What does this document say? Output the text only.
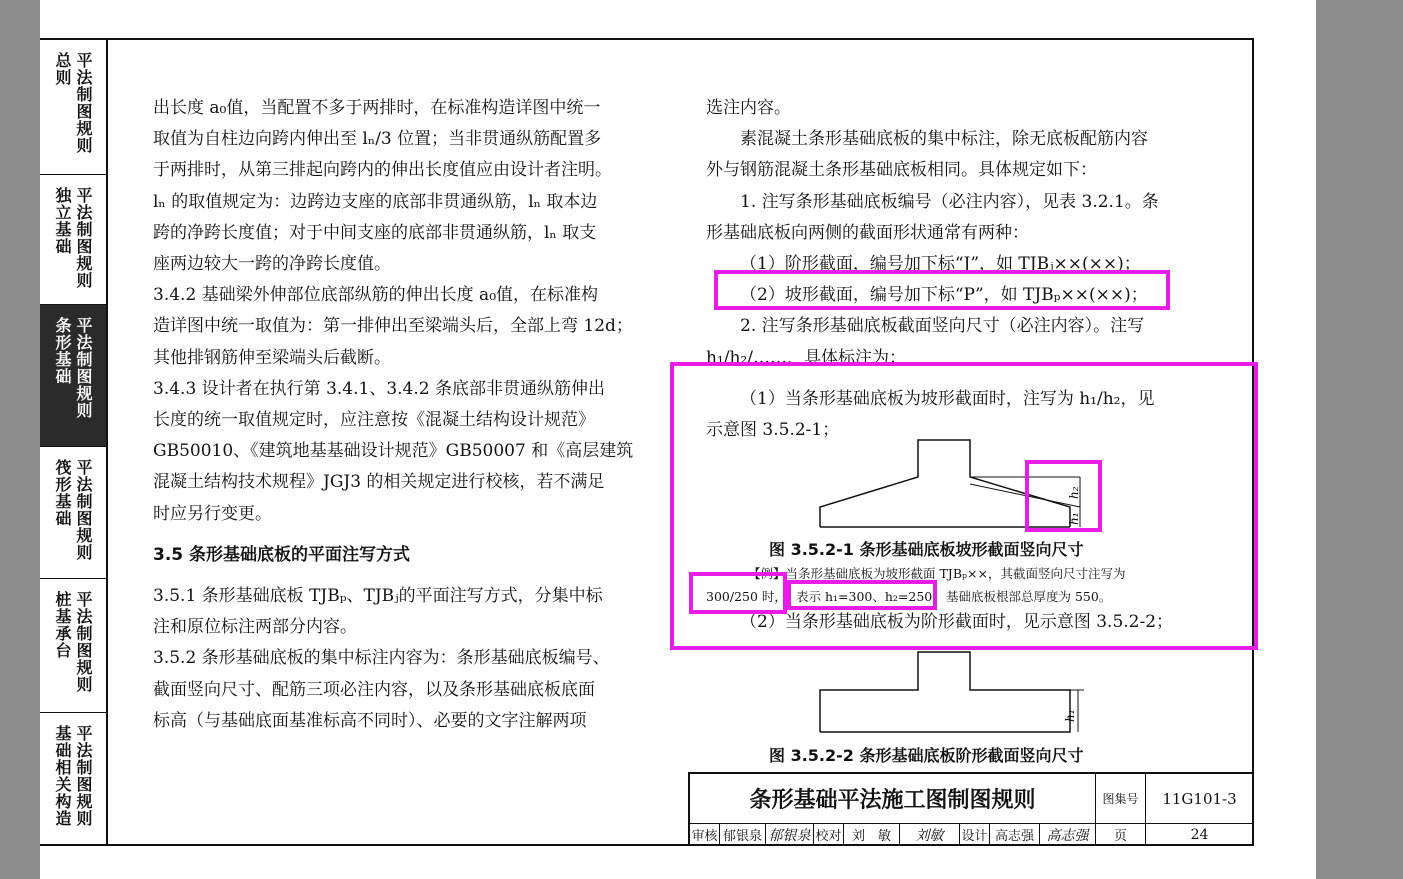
总则 平法制图规则
独立基础 平法制图规则
条形基础 平法制图规则
筏形基础 平法制图规则
桩基承台 平法制图规则
基础相关构造 平法制图规则

出长度 a₀值，当配置不多于两排时，在标准构造详图中统一

取值为自柱边向跨内伸出至 lₙ/3 位置；当非贯通纵筋配置多

于两排时，从第三排起向跨内的伸出长度值应由设计者注明。

lₙ 的取值规定为：边跨边支座的底部非贯通纵筋，lₙ 取本边

跨的净跨长度值；对于中间支座的底部非贯通纵筋，lₙ 取支

座两边较大一跨的净跨长度值。

3.4.2 基础梁外伸部位底部纵筋的伸出长度 a₀值，在标准构

造详图中统一取值为：第一排伸出至梁端头后，全部上弯 12d；

其他排钢筋伸至梁端头后截断。

3.4.3 设计者在执行第 3.4.1、3.4.2 条底部非贯通纵筋伸出

长度的统一取值规定时，应注意按《混凝土结构设计规范》

GB50010、《建筑地基基础设计规范》GB50007 和《高层建筑

混凝土结构技术规程》JGJ3 的相关规定进行校核，若不满足

时应另行变更。

3.5 条形基础底板的平面注写方式

3.5.1 条形基础底板 TJBₚ、TJBⱼ的平面注写方式，分集中标

注和原位标注两部分内容。

3.5.2 条形基础底板的集中标注内容为：条形基础底板编号、

截面竖向尺寸、配筋三项必注内容，以及条形基础底板底面

标高（与基础底面基准标高不同时）、必要的文字注解两项

选注内容。

素混凝土条形基础底板的集中标注，除无底板配筋内容

外与钢筋混凝土条形基础底板相同。具体规定如下：

1. 注写条形基础底板编号（必注内容），见表 3.2.1。条

形基础底板向两侧的截面形状通常有两种：

（1）阶形截面，编号加下标“J”，如 TJBⱼ××(××)；

（2）坡形截面，编号加下标“P”，如 TJBₚ××(××)；

2. 注写条形基础底板截面竖向尺寸（必注内容）。注写

h₁/h₂/……，具体标注为：

（1）当条形基础底板为坡形截面时，注写为 h₁/h₂，见

示意图 3.5.2-1；

h₁
h₂
图 3.5.2-1 条形基础底板坡形截面竖向尺寸
【例】当条形基础底板为坡形截面 TJBₚ××，其截面竖向尺寸注写为
300/250 时， 表示 h₁=300、h₂=250， 基础底板根部总厚度为 550。

（2）当条形基础底板为阶形截面时，见示意图 3.5.2-2；

h₁
图 3.5.2-2 条形基础底板阶形截面竖向尺寸
条形基础平法施工图制图规则	图集号	11G101-3
审核 郁银泉 郁银泉 校对 刘　敏	刘敏	设计 高志强 高志强	页	24
